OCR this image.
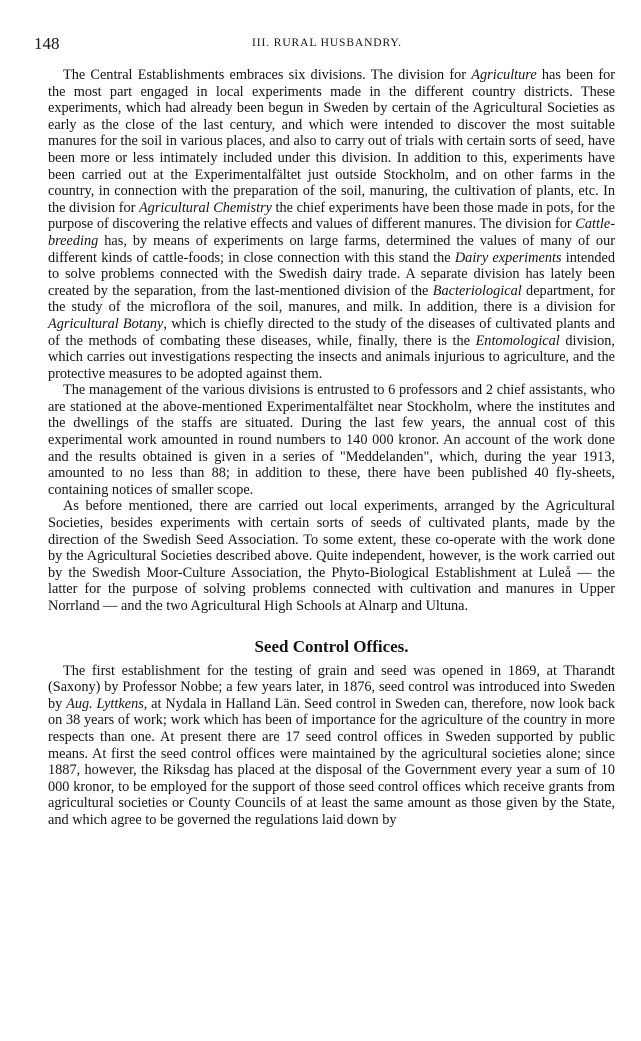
148	III. RURAL HUSBANDRY.

The Central Establishments embraces six divisions. The division for Agriculture has been for the most part engaged in local experiments made in the different country districts. These experiments, which had already been begun in Sweden by certain of the Agricultural Societies as early as the close of the last century, and which were intended to discover the most suitable manures for the soil in various places, and also to carry out of trials with certain sorts of seed, have been more or less intimately included under this division. In addition to this, experiments have been carried out at the Experimentalfältet just outside Stockholm, and on other farms in the country, in connection with the preparation of the soil, manuring, the cultivation of plants, etc. In the division for Agricultural Chemistry the chief experiments have been those made in pots, for the purpose of discovering the relative effects and values of different manures. The division for Cattle-breeding has, by means of experiments on large farms, determined the values of many of our different kinds of cattle-foods; in close connection with this stand the Dairy experiments intended to solve problems connected with the Swedish dairy trade. A separate division has lately been created by the separation, from the last-mentioned division of the Bacteriological department, for the study of the microflora of the soil, manures, and milk. In addition, there is a division for Agricultural Botany, which is chiefly directed to the study of the diseases of cultivated plants and of the methods of combating these diseases, while, finally, there is the Entomological division, which carries out investigations respecting the insects and animals injurious to agriculture, and the protective measures to be adopted against them.

The management of the various divisions is entrusted to 6 professors and 2 chief assistants, who are stationed at the above-mentioned Experimentalfältet near Stockholm, where the institutes and the dwellings of the staffs are situated. During the last few years, the annual cost of this experimental work amounted in round numbers to 140 000 kronor. An account of the work done and the results obtained is given in a series of "Meddelanden", which, during the year 1913, amounted to no less than 88; in addition to these, there have been published 40 fly-sheets, containing notices of smaller scope.

As before mentioned, there are carried out local experiments, arranged by the Agricultural Societies, besides experiments with certain sorts of seeds of cultivated plants, made by the direction of the Swedish Seed Association. To some extent, these co-operate with the work done by the Agricultural Societies described above. Quite independent, however, is the work carried out by the Swedish Moor-Culture Association, the Phyto-Biological Establishment at Luleå — the latter for the purpose of solving problems connected with cultivation and manures in Upper Norrland — and the two Agricultural High Schools at Alnarp and Ultuna.

Seed Control Offices.

The first establishment for the testing of grain and seed was opened in 1869, at Tharandt (Saxony) by Professor Nobbe; a few years later, in 1876, seed control was introduced into Sweden by Aug. Lyttkens, at Nydala in Halland Län. Seed control in Sweden can, therefore, now look back on 38 years of work; work which has been of importance for the agriculture of the country in more respects than one. At present there are 17 seed control offices in Sweden supported by public means. At first the seed control offices were maintained by the agricultural societies alone; since 1887, however, the Riksdag has placed at the disposal of the Government every year a sum of 10 000 kronor, to be employed for the support of those seed control offices which receive grants from agricultural societies or County Councils of at least the same amount as those given by the State, and which agree to be governed the regulations laid down by
